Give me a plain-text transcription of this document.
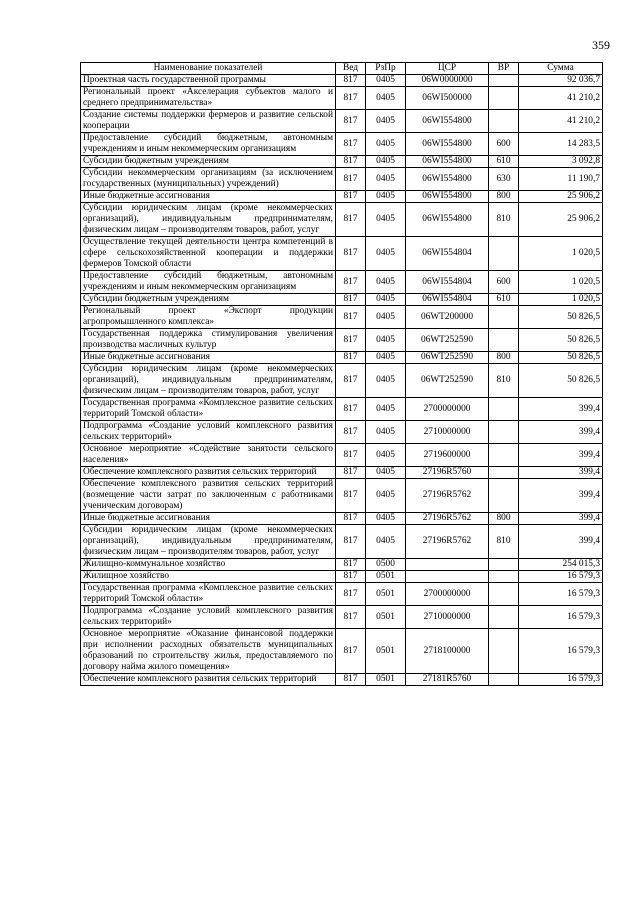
359
Наименование показателей	Вед	РзПр	ЦСР	ВР	Сумма
Проектная часть государственной программы	817	0405	06W0000000		92 036,7
Региональный проект «Акселерация субъектов малого и среднего предпринимательства»	817	0405	06WI500000		41 210,2
Создание системы поддержки фермеров и развитие сельской кооперации	817	0405	06WI554800		41 210,2
Предоставление субсидий бюджетным, автономным учреждениям и иным некоммерческим организациям	817	0405	06WI554800	600	14 283,5
Субсидии бюджетным учреждениям	817	0405	06WI554800	610	3 092,8
Субсидии некоммерческим организациям (за исключением государственных (муниципальных) учреждений)	817	0405	06WI554800	630	11 190,7
Иные бюджетные ассигнования	817	0405	06WI554800	800	25 906,2
Субсидии юридическим лицам (кроме некоммерческих организаций), индивидуальным предпринимателям, физическим лицам – производителям товаров, работ, услуг	817	0405	06WI554800	810	25 906,2
Осуществление текущей деятельности центра компетенций в сфере сельскохозяйственной кооперации и поддержки фермеров Томской области	817	0405	06WI554804		1 020,5
Предоставление субсидий бюджетным, автономным учреждениям и иным некоммерческим организациям	817	0405	06WI554804	600	1 020,5
Субсидии бюджетным учреждениям	817	0405	06WI554804	610	1 020,5
Региональный проект «Экспорт продукции агропромышленного комплекса»	817	0405	06WT200000		50 826,5
Государственная поддержка стимулирования увеличения производства масличных культур	817	0405	06WT252590		50 826,5
Иные бюджетные ассигнования	817	0405	06WT252590	800	50 826,5
Субсидии юридическим лицам (кроме некоммерческих организаций), индивидуальным предпринимателям, физическим лицам – производителям товаров, работ, услуг	817	0405	06WT252590	810	50 826,5
Государственная программа «Комплексное развитие сельских территорий Томской области»	817	0405	2700000000		399,4
Подпрограмма «Создание условий комплексного развития сельских территорий»	817	0405	2710000000		399,4
Основное мероприятие «Содействие занятости сельского населения»	817	0405	2719600000		399,4
Обеспечение комплексного развития сельских территорий	817	0405	27196R5760		399,4
Обеспечение комплексного развития сельских территорий (возмещение части затрат по заключенным с работниками ученическим договорам)	817	0405	27196R5762		399,4
Иные бюджетные ассигнования	817	0405	27196R5762	800	399,4
Субсидии юридическим лицам (кроме некоммерческих организаций), индивидуальным предпринимателям, физическим лицам – производителям товаров, работ, услуг	817	0405	27196R5762	810	399,4
Жилищно-коммунальное хозяйство	817	0500			254 015,3
Жилищное хозяйство	817	0501			16 579,3
Государственная программа «Комплексное развитие сельских территорий Томской области»	817	0501	2700000000		16 579,3
Подпрограмма «Создание условий комплексного развития сельских территорий»	817	0501	2710000000		16 579,3
Основное мероприятие «Оказание финансовой поддержки при исполнении расходных обязательств муниципальных образований по строительству жилья, предоставляемого по договору найма жилого помещения»	817	0501	2718100000		16 579,3
Обеспечение комплексного развития сельских территорий	817	0501	27181R5760		16 579,3
